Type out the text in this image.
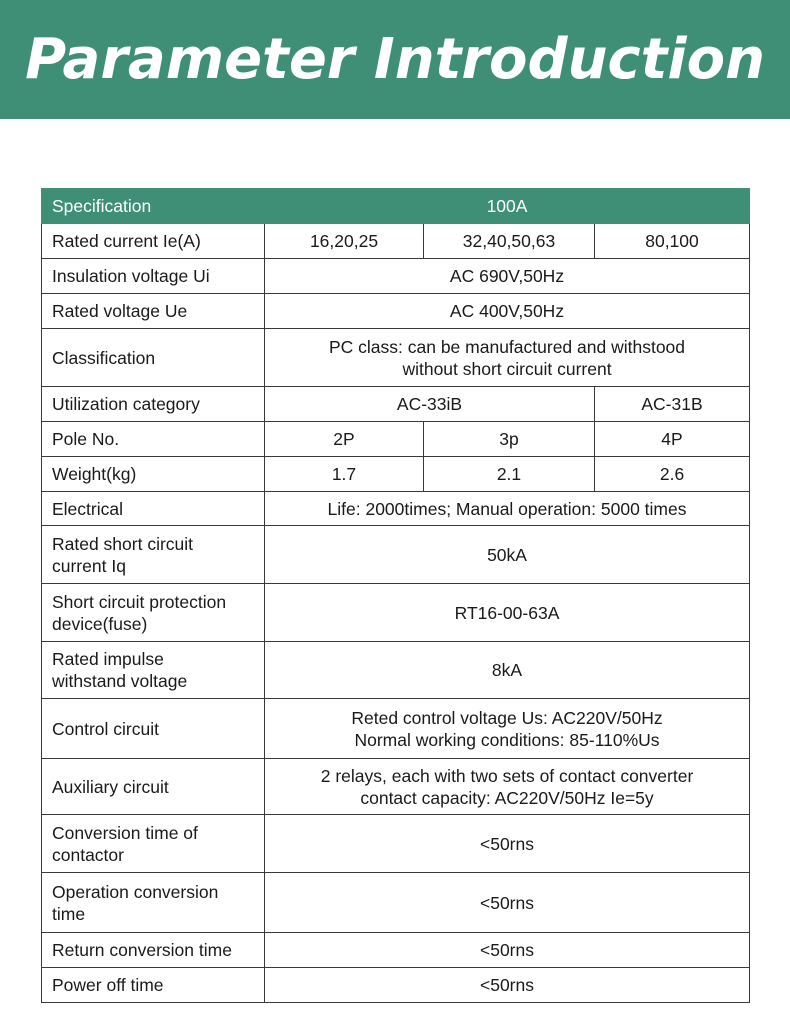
Parameter Introduction
Specification	100A		
Rated current Ie(A)	16,20,25	32,40,50,63	80,100
Insulation voltage Ui	AC 690V,50Hz		
Rated voltage Ue	AC 400V,50Hz		
Classification	PC class: can be manufactured and withstood
without short circuit current		

Utilization category	AC-33iB		AC-31B
Pole No.	2P	3p	4P
Weight(kg)	1.7	2.1	2.6
Electrical	Life: 2000times; Manual operation: 5000 times		

Rated short circuit
current Iq	50kA		

Short circuit protection
device(fuse)	RT16-00-63A		

Rated impulse
withstand voltage	8kA		
Control circuit	Reted control voltage Us: AC220V/50Hz
Normal working conditions: 85-110%Us		

Auxiliary circuit	2 relays, each with two sets of contact converter
contact capacity: AC220V/50Hz Ie=5y		

Conversion time of
contactor	<50rns		

Operation conversion
time	<50rns		
Return conversion time	<50rns		
Power off time	<50rns		
